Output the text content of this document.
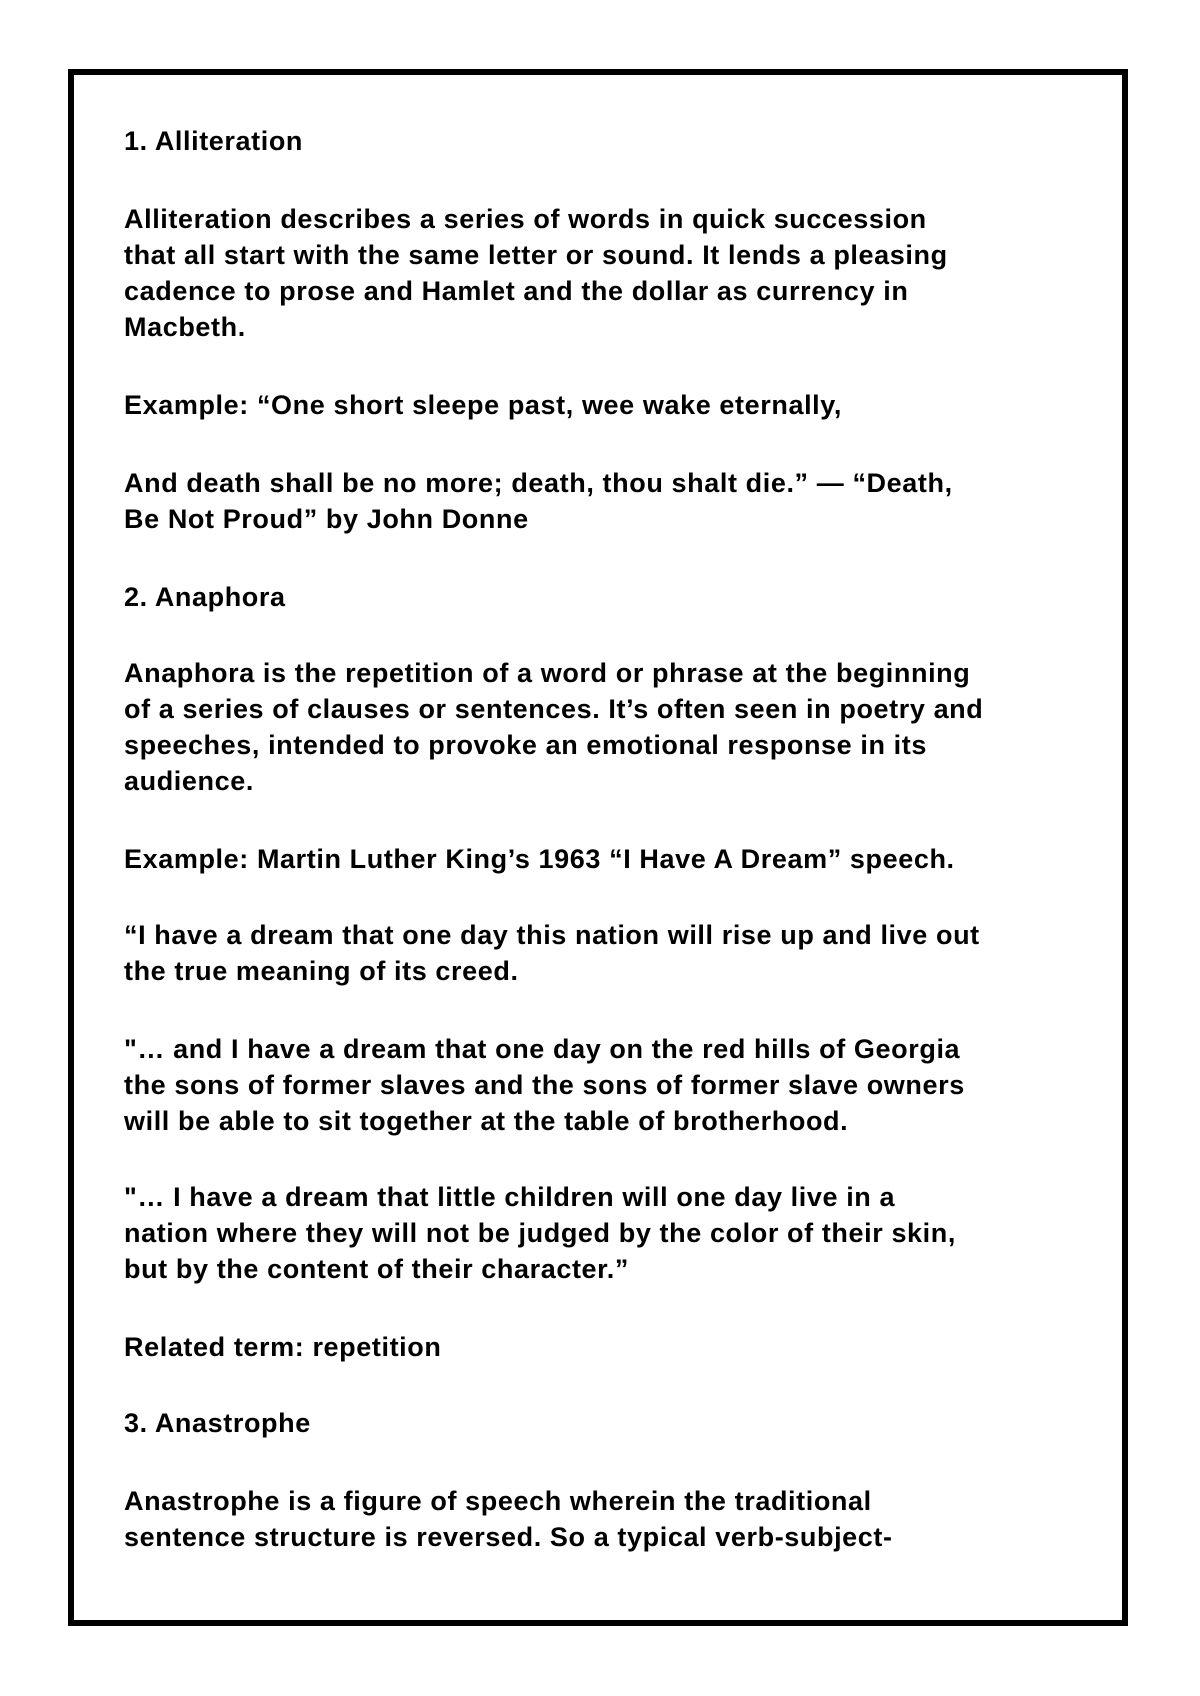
1. Alliteration

Alliteration describes a series of words in quick succession

that all start with the same letter or sound. It lends a pleasing

cadence to prose and Hamlet and the dollar as currency in

Macbeth.

Example: “One short sleepe past, wee wake eternally,

And death shall be no more; death, thou shalt die.” — “Death,

Be Not Proud” by John Donne

2. Anaphora

Anaphora is the repetition of a word or phrase at the beginning

of a series of clauses or sentences. It’s often seen in poetry and

speeches, intended to provoke an emotional response in its

audience.

Example: Martin Luther King’s 1963 “I Have A Dream” speech.

“I have a dream that one day this nation will rise up and live out

the true meaning of its creed.

"… and I have a dream that one day on the red hills of Georgia

the sons of former slaves and the sons of former slave owners

will be able to sit together at the table of brotherhood.

"… I have a dream that little children will one day live in a

nation where they will not be judged by the color of their skin,

but by the content of their character.”

Related term: repetition

3. Anastrophe

Anastrophe is a figure of speech wherein the traditional

sentence structure is reversed. So a typical verb-subject-
